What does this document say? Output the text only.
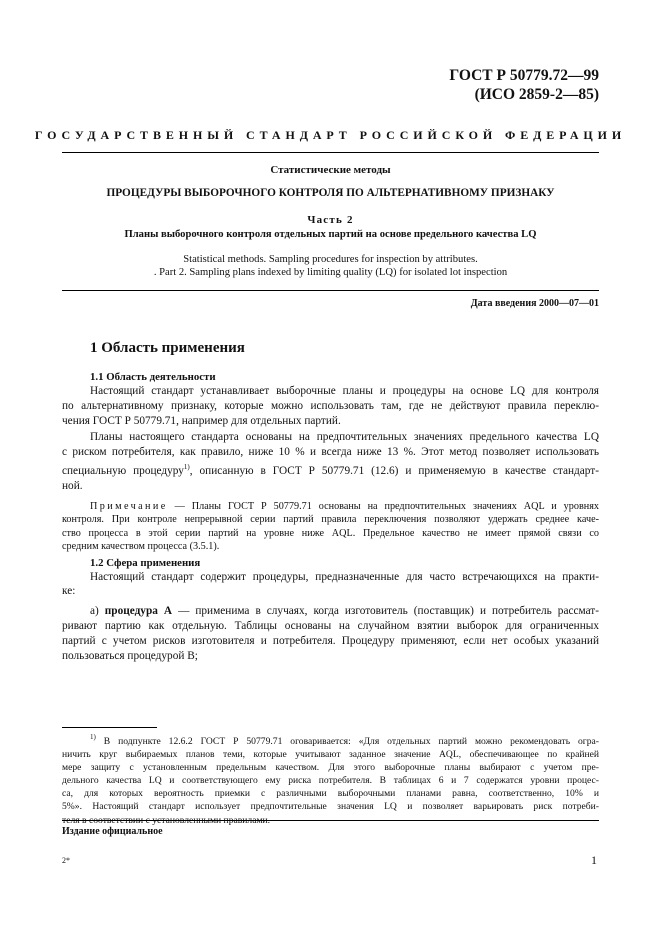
ГОСТ Р 50779.72—99
(ИСО 2859-2—85)
ГОСУДАРСТВЕННЫЙ СТАНДАРТ РОССИЙСКОЙ ФЕДЕРАЦИИ
Статистические методы
ПРОЦЕДУРЫ ВЫБОРОЧНОГО КОНТРОЛЯ ПО АЛЬТЕРНАТИВНОМУ ПРИЗНАКУ
Часть 2
Планы выборочного контроля отдельных партий на основе предельного качества LQ
Statistical methods. Sampling procedures for inspection by attributes.
. Part 2. Sampling plans indexed by limiting quality (LQ) for isolated lot inspection
Дата введения 2000—07—01
1 Область применения
1.1 Область деятельности
Настоящий стандарт устанавливает выборочные планы и процедуры на основе LQ для контроля
по альтернативному признаку, которые можно использовать там, где не действуют правила переклю-
чения ГОСТ Р 50779.71, например для отдельных партий.
Планы настоящего стандарта основаны на предпочтительных значениях предельного качества LQ
с риском потребителя, как правило, ниже 10 % и всегда ниже 13 %. Этот метод позволяет использовать
специальную процедуру$^{1)}$, описанную в ГОСТ Р 50779.71 (12.6) и применяемую в качестве стандарт-
ной.
Примечание — Планы ГОСТ Р 50779.71 основаны на предпочтительных значениях AQL и уровнях
контроля. При контроле непрерывной серии партий правила переключения позволяют удержать среднее каче-
ство процесса в этой серии партий на уровне ниже AQL. Предельное качество не имеет прямой связи со
средним качеством процесса (3.5.1).
1.2 Сфера применения
Настоящий стандарт содержит процедуры, предназначенные для часто встречающихся на практи-
ке:
а) процедура А — применима в случаях, когда изготовитель (поставщик) и потребитель рассмат-
ривают партию как отдельную. Таблицы основаны на случайном взятии выборок для ограниченных
партий с учетом рисков изготовителя и потребителя. Процедуру применяют, если нет особых указаний
пользоваться процедурой В;
$^{1)}$ В подпункте 12.6.2 ГОСТ Р 50779.71 оговаривается: «Для отдельных партий можно рекомендовать огра-
ничить круг выбираемых планов теми, которые учитывают заданное значение AQL, обеспечивающее по крайней
мере защиту с установленным предельным качеством. Для этого выборочные планы выбирают с учетом пре-
дельного качества LQ и соответствующего ему риска потребителя. В таблицах 6 и 7 содержатся уровни процес-
са, для которых вероятность приемки с различными выборочными планами равна, соответственно, 10% и
5%». Настоящий стандарт использует предпочтительные значения LQ и позволяет варьировать риск потреби-
теля в соответствии с установленными правилами.
Издание официальное
2*	1
